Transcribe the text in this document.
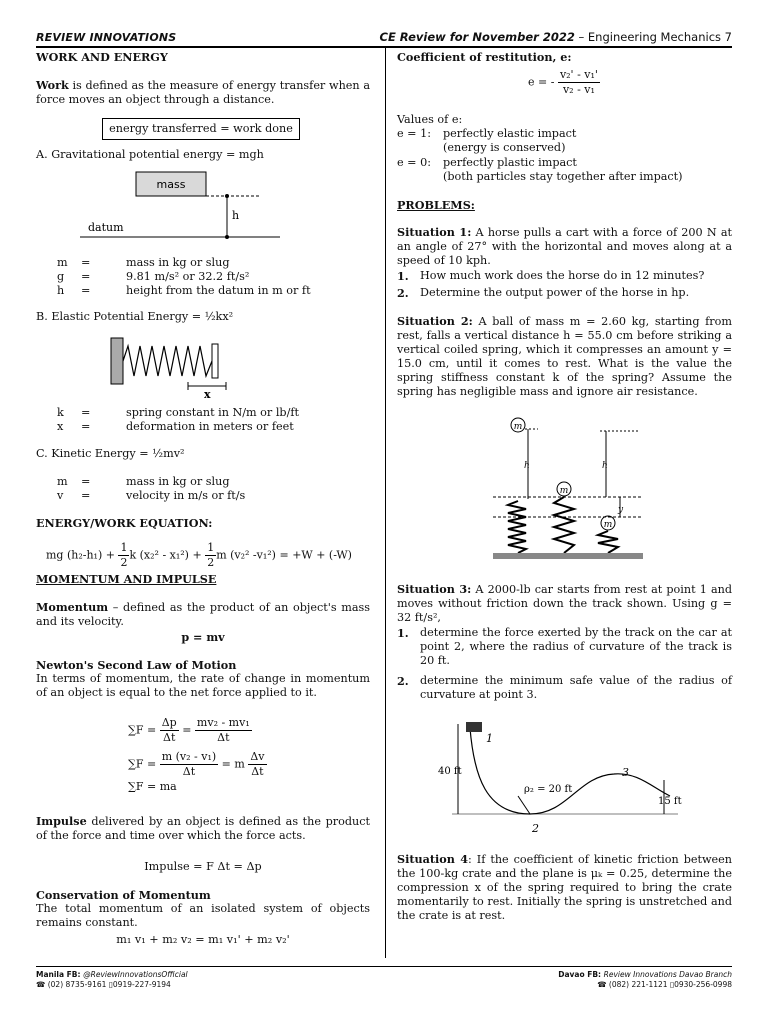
REVIEW INNOVATIONS	CE Review for November 2022 – Engineering Mechanics 7
WORK AND ENERGY
Work is defined as the measure of energy transfer when a force moves an object through a distance.
energy transferred = work done
A. Gravitational potential energy = mgh
mass
h
datum
m =	mass in kg or slug
g =	9.81 m/s² or 32.2 ft/s²
h =	height from the datum in m or ft
B. Elastic Potential Energy = ½kx²
x
k =	spring constant in N/m or lb/ft
x =	deformation in meters or feet
C. Kinetic Energy = ½mv²
m =	mass in kg or slug
v =	velocity in m/s or ft/s
ENERGY/WORK EQUATION:
mg $(h_2-h_1) + \frac{1}{2}$ k $(x_2^2 - x_1^2) + \frac{1}{2}$ m (v₂² -v₁²) = +W + (-W)
MOMENTUM AND IMPULSE
Momentum – defined as the product of an object's mass and its velocity.
p = mv
Newton's Second Law of Motion
In terms of momentum, the rate of change in momentum of an object is equal to the net force applied to it.
$\sum F = \frac{\Delta p}{\Delta t} = \frac{\text{mv₂ - mv₁}}{\Delta t}$
$\sum F = \frac{\text{m (v₂ - v₁)}}{\Delta t} = m \frac{\Delta v}{\Delta t}$
∑F = ma
Impulse delivered by an object is defined as the product of the force and time over which the force acts.
Impulse = F Δt = Δp
Conservation of Momentum
The total momentum of an isolated system of objects remains constant.
m₁ v₁ + m₂ v₂ = m₁ v₁' + m₂ v₂'
Coefficient of restitution, e:
e = - $\frac{\text{v₂' - v₁'}}{\text{v₂ - v₁}}$
Values of e:
e = 1: perfectly elastic impact
(energy is conserved)
e = 0: perfectly plastic impact
(both particles stay together after impact)
PROBLEMS:
Situation 1: A horse pulls a cart with a force of 200 N at an angle of 27° with the horizontal and moves along at a speed of 10 kph.
1. How much work does the horse do in 12 minutes?
2. Determine the output power of the horse in hp.
Situation 2: A ball of mass m = 2.60 kg, starting from rest, falls a vertical distance h = 55.0 cm before striking a vertical coiled spring, which it compresses an amount y = 15.0 cm, until it comes to rest. What is the value the spring stiffness constant k of the spring? Assume the spring has negligible mass and ignore air resistance.
m
h
m
h
y
m
Situation 3: A 2000-lb car starts from rest at point 1 and moves without friction down the track shown. Using g = 32 ft/s²,
1. determine the force exerted by the track on the car at point 2, where the radius of curvature of the track is 20 ft.
2. determine the minimum safe value of the radius of curvature at point 3.
1
2
3
40 ft
ρ₂ = 20 ft
15 ft
Situation 4: If the coefficient of kinetic friction between the 100-kg crate and the plane is μₖ = 0.25, determine the compression x of the spring required to bring the crate momentarily to rest. Initially the spring is unstretched and the crate is at rest.
Manila FB: @ReviewInnovationsOfficial
☎ (02) 8735-9161 ▯0919-227-9194
Davao FB: Review Innovations Davao Branch
☎ (082) 221-1121 ▯0930-256-0998
